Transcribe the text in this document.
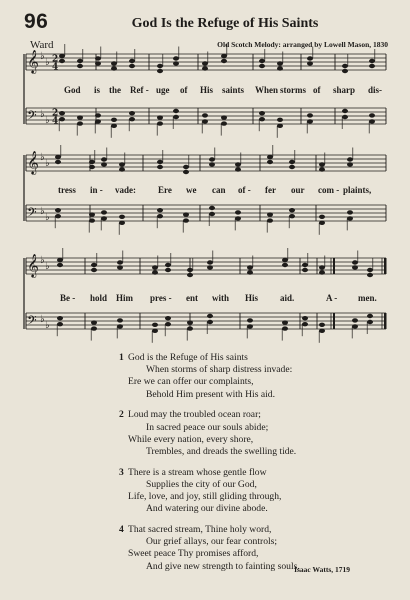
96	God Is the Refuge of His Saints
Ward	Old Scotch Melody: arranged by Lowell Mason, 1830
𝄞 ♭
♭ 2
4
𝄢 ♭
♭
2
4
𝄞 ♭
♭
𝄢 ♭
♭
𝄞 ♭
♭
𝄢 ♭
♭
God is the Ref - uge of His saints When storms of sharp dis-
tress in - vade: Ere we can of - fer our com - plaints,
Be - hold Him pres - ent with His aid.	A - men.
1 God is the Refuge of His saints
When storms of sharp distress invade:
Ere we can offer our complaints,
Behold Him present with His aid.
2 Loud may the troubled ocean roar;
In sacred peace our souls abide;
While every nation, every shore,
Trembles, and dreads the swelling tide.
3 There is a stream whose gentle flow
Supplies the city of our God,
Life, love, and joy, still gliding through,
And watering our divine abode.
4 That sacred stream, Thine holy word,
Our grief allays, our fear controls;
Sweet peace Thy promises afford,
And give new strength to fainting souls.
Isaac Watts, 1719
